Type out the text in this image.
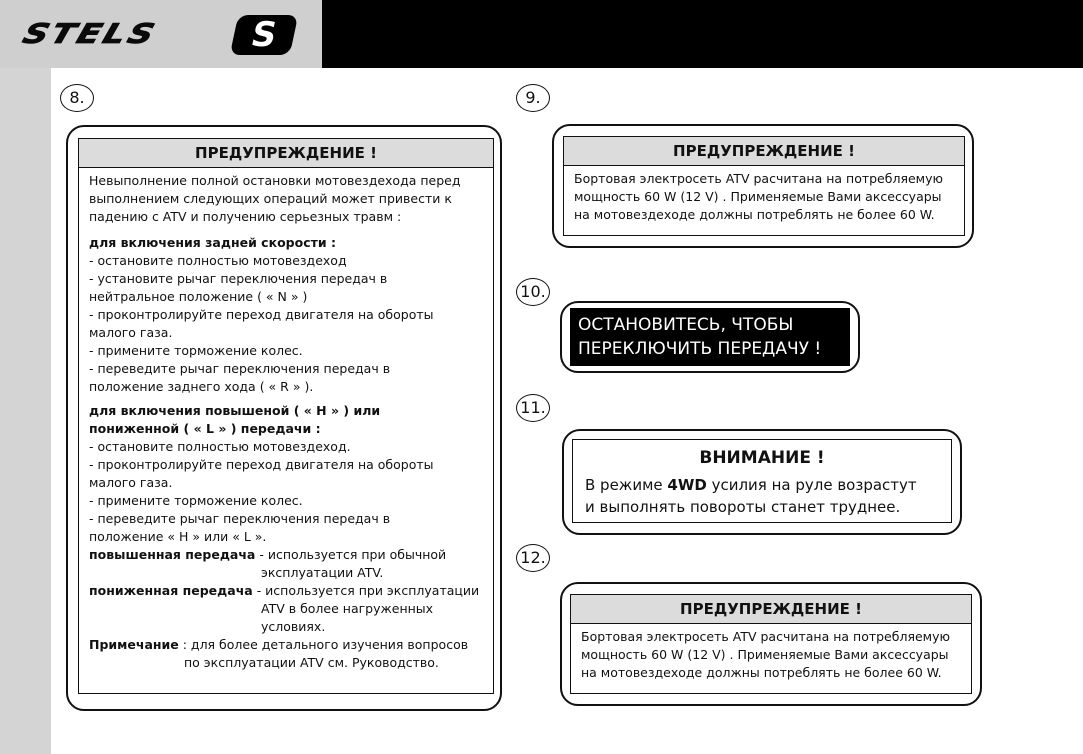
STELS	S
8.
ПРЕДУПРЕЖДЕНИЕ !
Невыполнение полной остановки мотовездехода перед
выполнением следующих операций может привести к
падению с ATV и получению серьезных травм :
для включения задней скорости :
- остановите полностью мотовездеход
- установите рычаг переключения передач в
нейтральное положение ( « N » )
- проконтролируйте переход двигателя на обороты
малого газа.
- примените торможение колес.
- переведите рычаг переключения передач в
положение заднего хода ( « R » ).
для включения повышеной ( « H » ) или
пониженной ( « L » ) передачи :
- остановите полностью мотовездеход.
- проконтролируйте переход двигателя на обороты
малого газа.
- примените торможение колес.
- переведите рычаг переключения передач в
положение « H » или « L ».
повышенная передача - используется при обычной
эксплуатации ATV.
пониженная передача - используется при эксплуатации
ATV в более нагруженных
условиях.
Примечание : для более детального изучения вопросов
по эксплуатации ATV см. Руководство.
9.
ПРЕДУПРЕЖДЕНИЕ !
Бортовая электросеть ATV расчитана на потребляемую
мощность 60 W (12 V) . Применяемые Вами аксессуары
на мотовездеходе должны потреблять не более 60 W.
10.
ОСТАНОВИТЕСЬ, ЧТОБЫ
ПЕРЕКЛЮЧИТЬ ПЕРЕДАЧУ !
11.
ВНИМАНИЕ !
В режиме 4WD усилия на руле возрастут
и выполнять повороты станет труднее.
12.
ПРЕДУПРЕЖДЕНИЕ !
Бортовая электросеть ATV расчитана на потребляемую
мощность 60 W (12 V) . Применяемые Вами аксессуары
на мотовездеходе должны потреблять не более 60 W.
